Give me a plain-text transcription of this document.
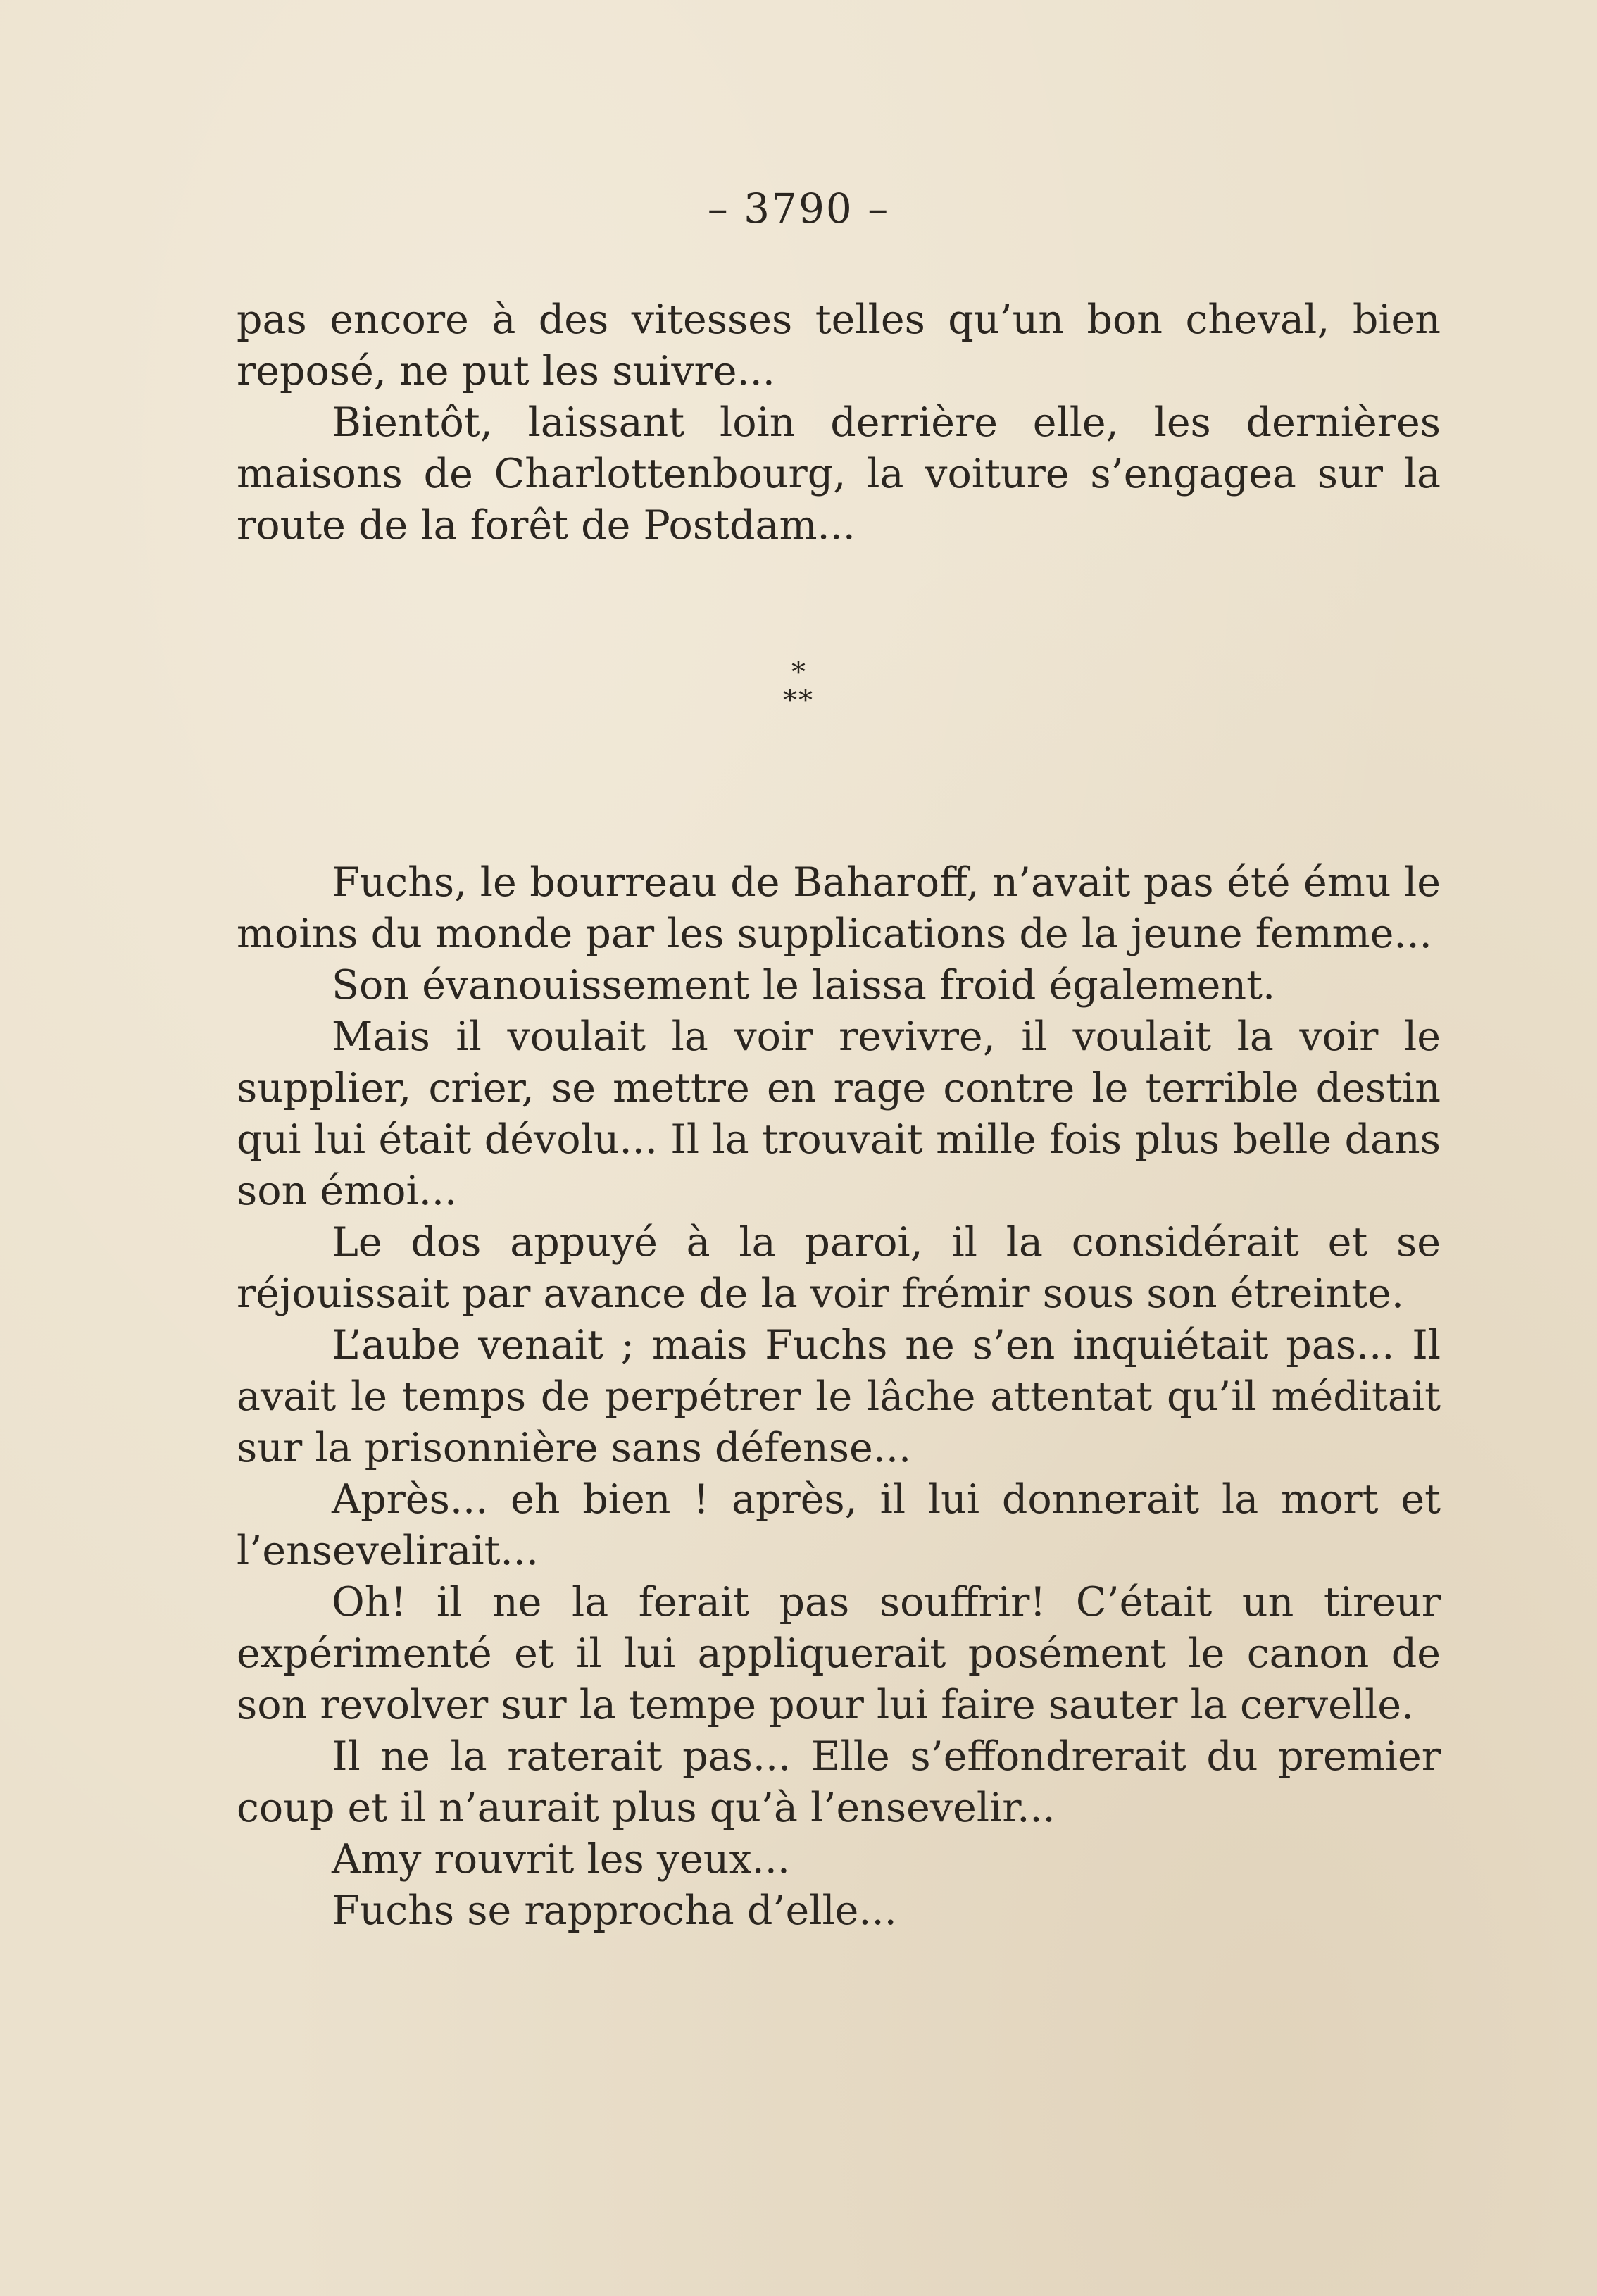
– 3790 –

pas encore à des vitesses telles qu’un bon cheval, bien reposé, ne put les suivre...

Bientôt, laissant loin derrière elle, les dernières maisons de Charlottenbourg, la voiture s’engagea sur la route de la forêt de Postdam...

*
**

Fuchs, le bourreau de Baharoff, n’avait pas été ému le moins du monde par les supplications de la jeune femme...

Son évanouissement le laissa froid également.

Mais il voulait la voir revivre, il voulait la voir le supplier, crier, se mettre en rage contre le terrible destin qui lui était dévolu... Il la trouvait mille fois plus belle dans son émoi...

Le dos appuyé à la paroi, il la considérait et se réjouissait par avance de la voir frémir sous son étreinte.

L’aube venait ; mais Fuchs ne s’en inquiétait pas... Il avait le temps de perpétrer le lâche attentat qu’il méditait sur la prisonnière sans défense...

Après... eh bien ! après, il lui donnerait la mort et l’ensevelirait...

Oh! il ne la ferait pas souffrir! C’était un tireur expérimenté et il lui appliquerait posément le canon de son revolver sur la tempe pour lui faire sauter la cervelle.

Il ne la raterait pas... Elle s’effondrerait du premier coup et il n’aurait plus qu’à l’ensevelir...

Amy rouvrit les yeux...

Fuchs se rapprocha d’elle...
